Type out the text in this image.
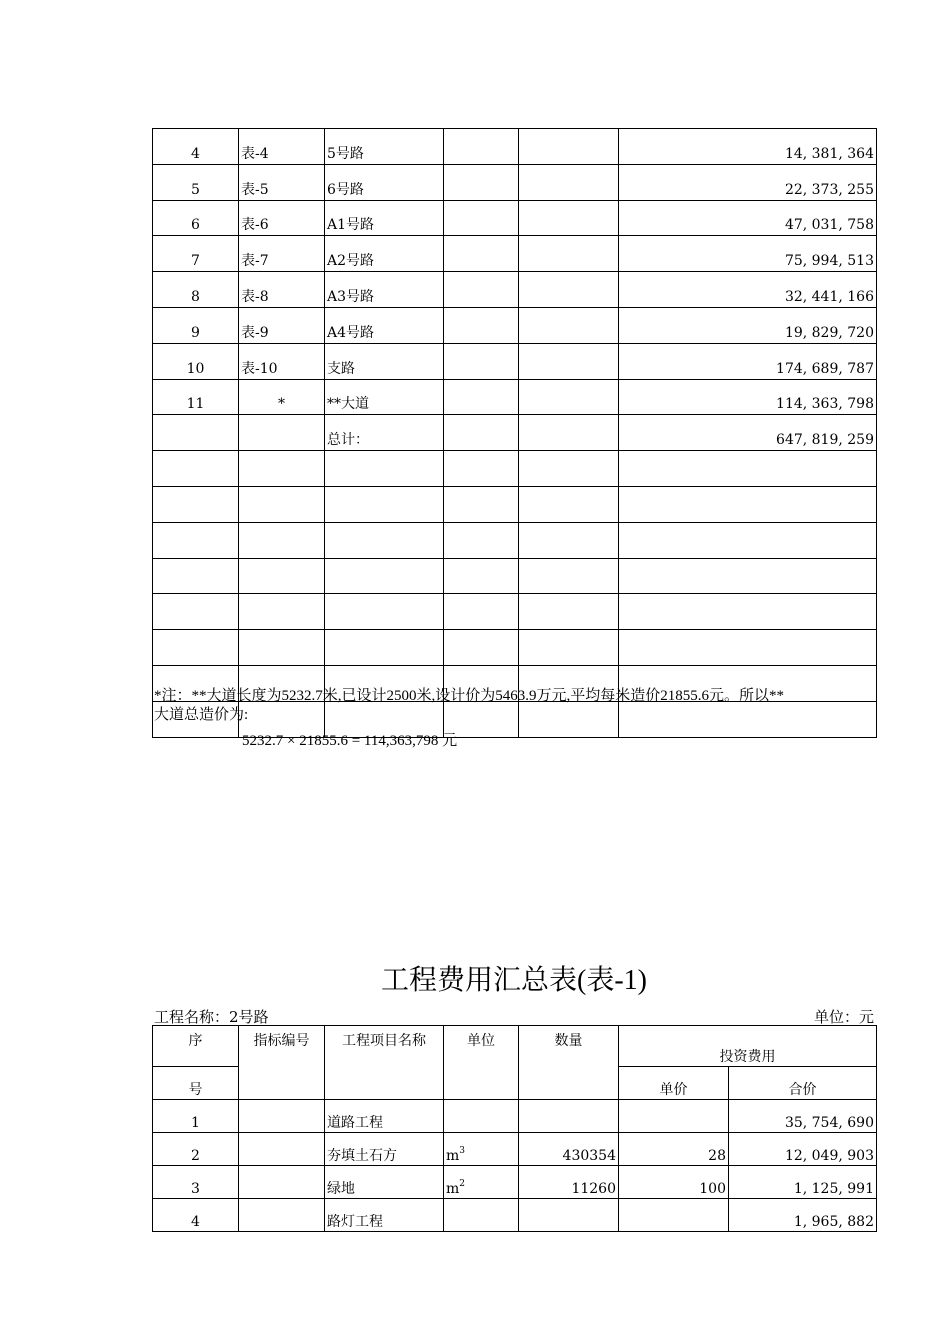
4	表-4	5号路			14, 381, 364
5	表-5	6号路			22, 373, 255
6	表-6	A1号路			47, 031, 758
7	表-7	A2号路			75, 994, 513
8	表-8	A3号路			32, 441, 166
9	表-9	A4号路			19, 829, 720
10	表-10	支路			174, 689, 787
11	*	**大道			114, 363, 798
		总计：			647, 819, 259

*注：**大道长度为5232.7米,已设计2500米,设计价为5463.9万元,平均每米造价21855.6元。所以**
大道总造价为:
5232.7 × 21855.6 = 114,363,798 元
工程费用汇总表(表-1)
工程名称：2号路	单位：元
序	指标编号	工程项目名称	单位	数量	投资费用	
号					单价	合价
1		道路工程				35, 754, 690
2		夯填土石方	$m^3$	430354	28	12, 049, 903
3		绿地	$m^2$	11260	100	1, 125, 991
4		路灯工程				1, 965, 882
